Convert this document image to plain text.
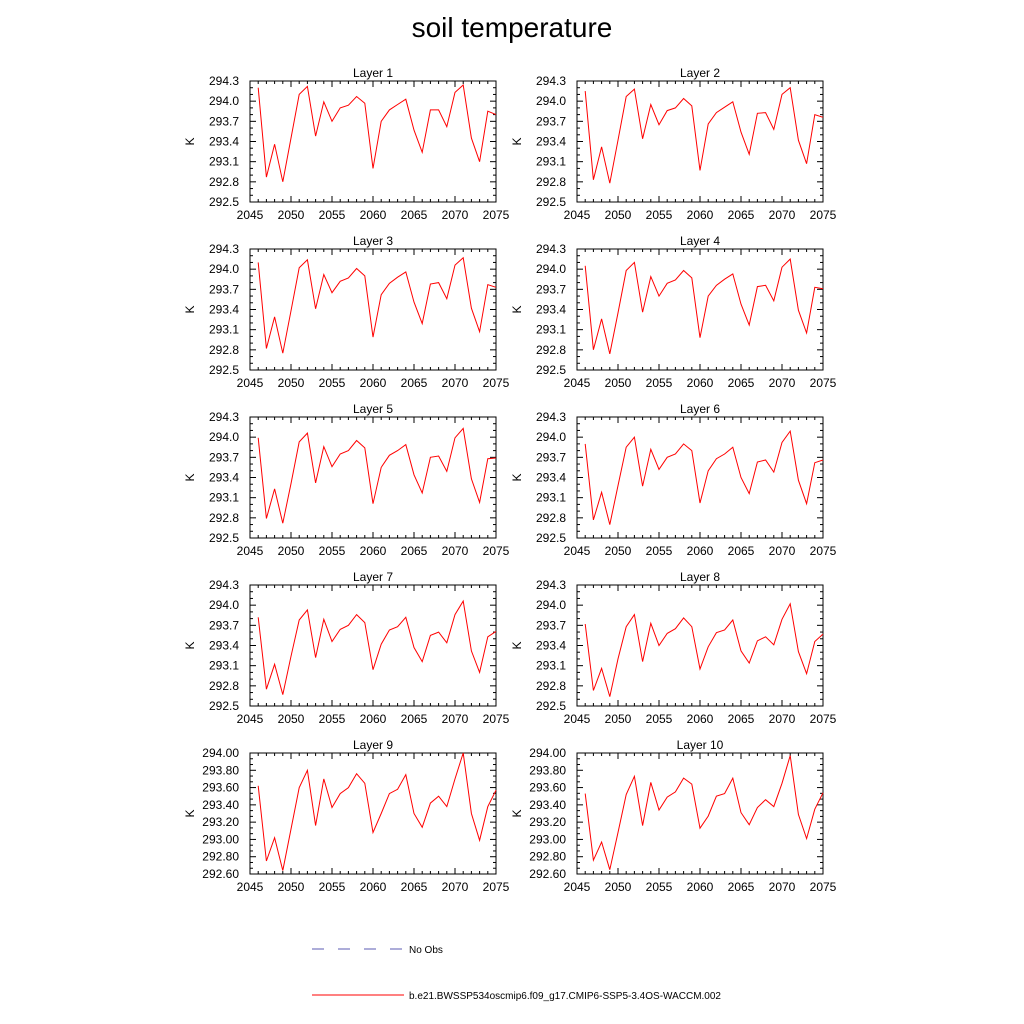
soil temperature
Layer 1
K
2045 2050 2055 2060 2065 2070 2075
292.5
292.8
293.1
293.4
293.7
294.0
294.3
Layer 2
K
2045 2050 2055 2060 2065 2070 2075
292.5
292.8
293.1
293.4
293.7
294.0
294.3
Layer 3
K
2045 2050 2055 2060 2065 2070 2075
292.5
292.8
293.1
293.4
293.7
294.0
294.3
Layer 4
K
2045 2050 2055 2060 2065 2070 2075
292.5
292.8
293.1
293.4
293.7
294.0
294.3
Layer 5
K
2045 2050 2055 2060 2065 2070 2075
292.5
292.8
293.1
293.4
293.7
294.0
294.3
Layer 6
K
2045 2050 2055 2060 2065 2070 2075
292.5
292.8
293.1
293.4
293.7
294.0
294.3
Layer 7
K
2045 2050 2055 2060 2065 2070 2075
292.5
292.8
293.1
293.4
293.7
294.0
294.3
Layer 8
K
2045 2050 2055 2060 2065 2070 2075
292.5
292.8
293.1
293.4
293.7
294.0
294.3
Layer 9
K
2045 2050 2055 2060 2065 2070 2075
292.60
292.80
293.00
293.20
293.40
293.60
293.80
294.00
Layer 10
K
2045 2050 2055 2060 2065 2070 2075
292.60
292.80
293.00
293.20
293.40
293.60
293.80
294.00
No Obs
b.e21.BWSSP534oscmip6.f09_g17.CMIP6-SSP5-3.4OS-WACCM.002
